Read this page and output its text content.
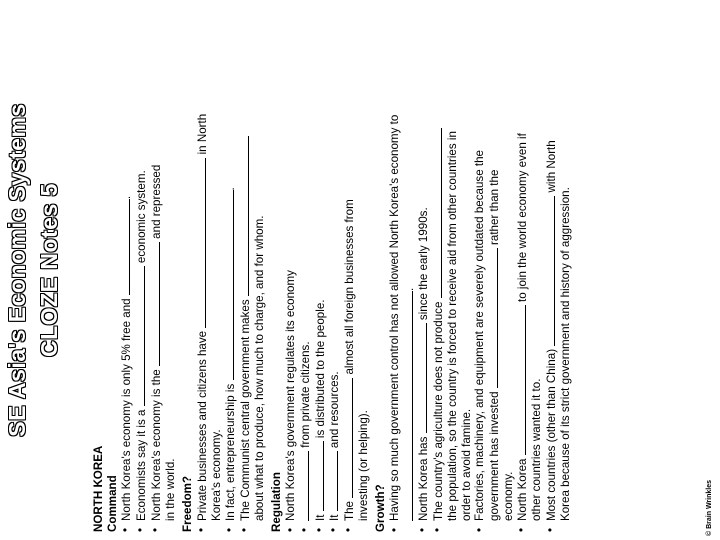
SE Asia's Economic Systems CLOZE Notes 5
NORTH KOREA Command • North Korea's economy is only 5% free and .
• Economists say it is a  economic system.
• North Korea's economy is the  and repressed
in the world. Freedom? • Private businesses and citizens have  in North
Korea's economy. • In fact, entrepreneurship is .
• The Communist central government makes
about what to produce, how much to charge, and for whom. Regulation • North Korea's government regulates its economy • from private citizens.
• It  is distributed to the people.
• It  and resources.
• The  almost all foreign businesses from
investing (or helping). Growth? • Having so much government control has not allowed North Korea's economy to .
• North Korea has  since the early 1990s.
• The country's agriculture does not produce
the population, so the country is forced to receive aid from other countries in
order to avoid famine. • Factories, machinery, and equipment are severely outdated because the government has invested  rather than the
economy. • North Korea  to join the world economy even if
other countries wanted it to. • Most countries (other than China)  with North
Korea because of its strict government and history of aggression.	© Brain Wrinkles
